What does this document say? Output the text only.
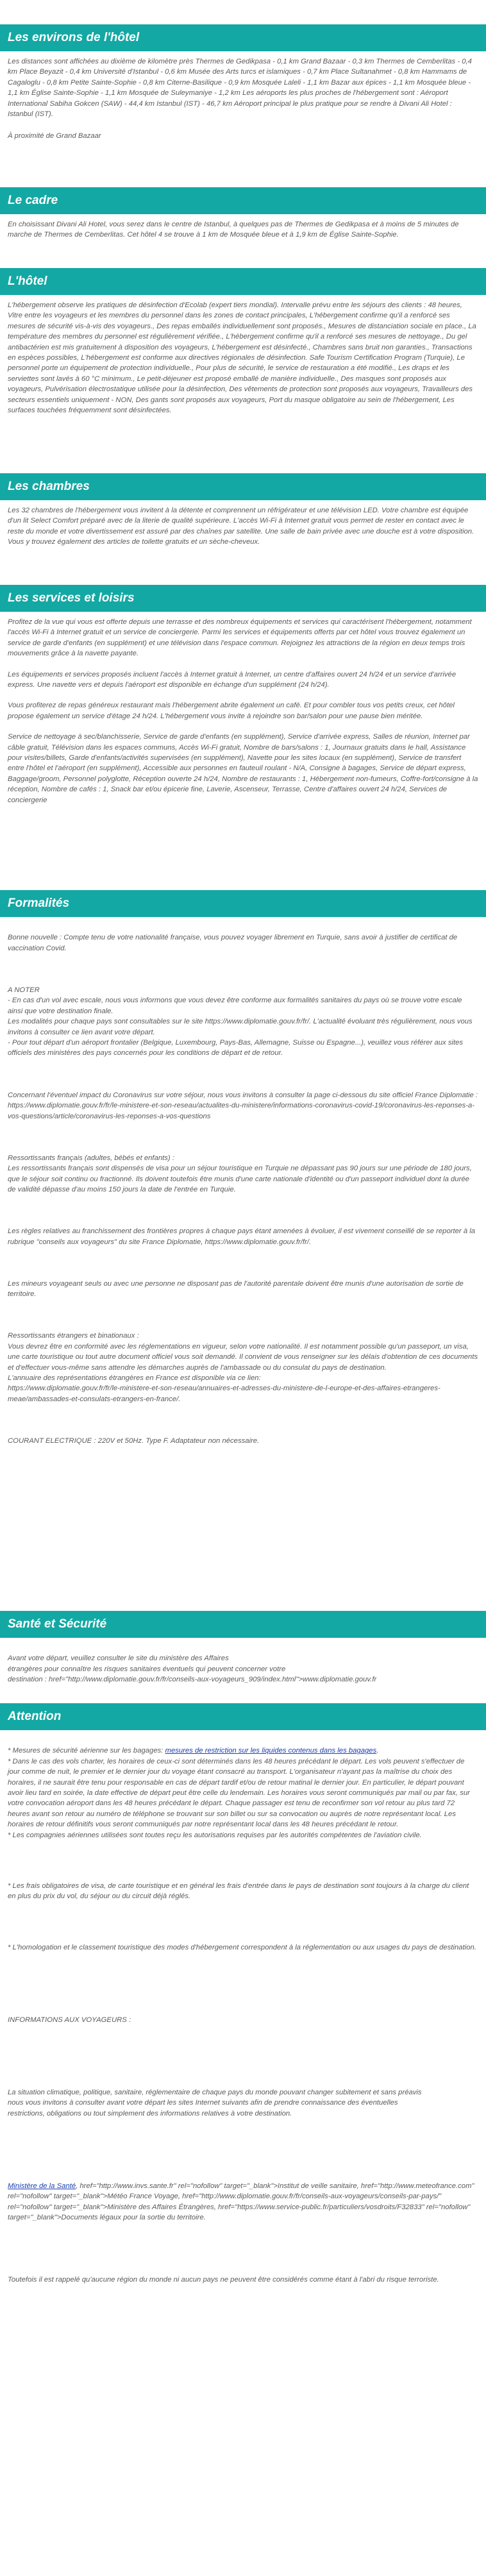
Les environs de l'hôtel

Les distances sont affichées au dixième de kilomètre près Thermes de Gedikpasa - 0,1 km Grand Bazaar - 0,3 km Thermes de Cemberlitas - 0,4 km Place Beyazit - 0,4 km Université d'Istanbul - 0,6 km Musée des Arts turcs et islamiques - 0,7 km Place Sultanahmet - 0,8 km Hammams de Cagaloglu - 0,8 km Petite Sainte-Sophie - 0,8 km Citerne-Basilique - 0,9 km Mosquée Laleli - 1,1 km Bazar aux épices - 1,1 km Mosquée bleue - 1,1 km Église Sainte-Sophie - 1,1 km Mosquée de Suleymaniye - 1,2 km Les aéroports les plus proches de l'hébergement sont : Aéroport International Sabiha Gokcen (SAW) - 44,4 km Istanbul (IST) - 46,7 km Aéroport principal le plus pratique pour se rendre à Divani Ali Hotel : Istanbul (IST).

À proximité de Grand Bazaar

Le cadre

En choisissant Divani Ali Hotel, vous serez dans le centre de Istanbul, à quelques pas de Thermes de Gedikpasa et à moins de 5 minutes de marche de Thermes de Cemberlitas. Cet hôtel 4 se trouve à 1 km de Mosquée bleue et à 1,9 km de Église Sainte-Sophie.

L'hôtel

L'hébergement observe les pratiques de désinfection d'Ecolab (expert tiers mondial). Intervalle prévu entre les séjours des clients : 48 heures, Vitre entre les voyageurs et les membres du personnel dans les zones de contact principales, L'hébergement confirme qu'il a renforcé ses mesures de sécurité vis-à-vis des voyageurs., Des repas emballés individuellement sont proposés., Mesures de distanciation sociale en place., La température des membres du personnel est régulièrement vérifiée., L'hébergement confirme qu'il a renforcé ses mesures de nettoyage., Du gel antibactérien est mis gratuitement à disposition des voyageurs, L'hébergement est désinfecté., Chambres sans bruit non garanties., Transactions en espèces possibles, L'hébergement est conforme aux directives régionales de désinfection. Safe Tourism Certification Program (Turquie), Le personnel porte un équipement de protection individuelle., Pour plus de sécurité, le service de restauration a été modifié., Les draps et les serviettes sont lavés à 60 °C minimum., Le petit-déjeuner est proposé emballé de manière individuelle., Des masques sont proposés aux voyageurs, Pulvérisation électrostatique utilisée pour la désinfection, Des vêtements de protection sont proposés aux voyageurs, Travailleurs des secteurs essentiels uniquement - NON, Des gants sont proposés aux voyageurs, Port du masque obligatoire au sein de l'hébergement, Les surfaces touchées fréquemment sont désinfectées.

Les chambres

Les 32 chambres de l'hébergement vous invitent à la détente et comprennent un réfrigérateur et une télévision LED. Votre chambre est équipée d'un lit Select Comfort préparé avec de la literie de qualité supérieure. L'accès Wi-Fi à Internet gratuit vous permet de rester en contact avec le reste du monde et votre divertissement est assuré par des chaînes par satellite. Une salle de bain privée avec une douche est à votre disposition. Vous y trouvez également des articles de toilette gratuits et un sèche-cheveux.

Les services et loisirs

Profitez de la vue qui vous est offerte depuis une terrasse et des nombreux équipements et services qui caractérisent l'hébergement, notamment l'accès Wi-Fi à Internet gratuit et un service de conciergerie. Parmi les services et équipements offerts par cet hôtel vous trouvez également un service de garde d'enfants (en supplément) et une télévision dans l'espace commun. Rejoignez les attractions de la région en deux temps trois mouvements grâce à la navette payante.

Les équipements et services proposés incluent l'accès à Internet gratuit à Internet, un centre d'affaires ouvert 24 h/24 et un service d'arrivée express. Une navette vers et depuis l'aéroport est disponible en échange d'un supplément (24 h/24).

Vous profiterez de repas généreux restaurant mais l'hébergement abrite également un café. Et pour combler tous vos petits creux, cet hôtel propose également un service d'étage 24 h/24. L'hébergement vous invite à rejoindre son bar/salon pour une pause bien méritée.

Service de nettoyage à sec/blanchisserie, Service de garde d'enfants (en supplément), Service d'arrivée express, Salles de réunion, Internet par câble gratuit, Télévision dans les espaces communs, Accès Wi-Fi gratuit, Nombre de bars/salons : 1, Journaux gratuits dans le hall, Assistance pour visites/billets, Garde d'enfants/activités supervisées (en supplément), Navette pour les sites locaux (en supplément), Service de transfert entre l'hôtel et l'aéroport (en supplément), Accessible aux personnes en fauteuil roulant - N/A, Consigne à bagages, Service de départ express, Baggage/groom, Personnel polyglotte, Réception ouverte 24 h/24, Nombre de restaurants : 1, Hébergement non-fumeurs, Coffre-fort/consigne à la réception, Nombre de cafés : 1, Snack bar et/ou épicerie fine, Laverie, Ascenseur, Terrasse, Centre d'affaires ouvert 24 h/24, Services de conciergerie

Formalités

Bonne nouvelle : Compte tenu de votre nationalité française, vous pouvez voyager librement en Turquie, sans avoir à justifier de certificat de vaccination Covid.

A NOTER
- En cas d'un vol avec escale, nous vous informons que vous devez être conforme aux formalités sanitaires du pays où se trouve votre escale ainsi que votre destination finale.
Les modalités pour chaque pays sont consultables sur le site https://www.diplomatie.gouv.fr/fr/. L'actualité évoluant très régulièrement, nous vous invitons à consulter ce lien avant votre départ.
- Pour tout départ d'un aéroport frontalier (Belgique, Luxembourg, Pays-Bas, Allemagne, Suisse ou Espagne...), veuillez vous référer aux sites officiels des ministères des pays concernés pour les conditions de départ et de retour.

Concernant l'éventuel impact du Coronavirus sur votre séjour, nous vous invitons à consulter la page ci-dessous du site officiel France Diplomatie :
https://www.diplomatie.gouv.fr/fr/le-ministere-et-son-reseau/actualites-du-ministere/informations-coronavirus-covid-19/coronavirus-les-reponses-a-vos-questions/article/coronavirus-les-reponses-a-vos-questions

Ressortissants français (adultes, bébés et enfants) :
Les ressortissants français sont dispensés de visa pour un séjour touristique en Turquie ne dépassant pas 90 jours sur une période de 180 jours, que le séjour soit continu ou fractionné. Ils doivent toutefois être munis d'une carte nationale d'identité ou d'un passeport individuel dont la durée de validité dépasse d'au moins 150 jours la date de l'entrée en Turquie.

Les règles relatives au franchissement des frontières propres à chaque pays étant amenées à évoluer, il est vivement conseillé de se reporter à la rubrique "conseils aux voyageurs" du site France Diplomatie, https://www.diplomatie.gouv.fr/fr/.

Les mineurs voyageant seuls ou avec une personne ne disposant pas de l'autorité parentale doivent être munis d'une autorisation de sortie de territoire.

Ressortissants étrangers et binationaux :
Vous devrez être en conformité avec les réglementations en vigueur, selon votre nationalité. Il est notamment possible qu'un passeport, un visa, une carte touristique ou tout autre document officiel vous soit demandé. Il convient de vous renseigner sur les délais d'obtention de ces documents et d'effectuer vous-même sans attendre les démarches auprès de l'ambassade ou du consulat du pays de destination.
L'annuaire des représentations étrangères en France est disponible via ce lien:
https://www.diplomatie.gouv.fr/fr/le-ministere-et-son-reseau/annuaires-et-adresses-du-ministere-de-l-europe-et-des-affaires-etrangeres-meae/ambassades-et-consulats-etrangers-en-france/.

COURANT ELECTRIQUE : 220V et 50Hz. Type F. Adaptateur non nécessaire.

Santé et Sécurité

Avant votre départ, veuillez consulter le site du ministère des Affaires
étrangères pour connaître les risques sanitaires éventuels qui peuvent concerner votre
destination : href="http://www.diplomatie.gouv.fr/fr/conseils-aux-voyageurs_909/index.html">www.diplomatie.gouv.fr

Attention

* Mesures de sécurité aérienne sur les bagages: mesures de restriction sur les liquides contenus dans les bagages.
* Dans le cas des vols charter, les horaires de ceux-ci sont déterminés dans les 48 heures précédant le départ. Les vols peuvent s'effectuer de jour comme de nuit, le premier et le dernier jour du voyage étant consacré au transport. L'organisateur n'ayant pas la maîtrise du choix des horaires, il ne saurait être tenu pour responsable en cas de départ tardif et/ou de retour matinal le dernier jour. En particulier, le départ pouvant avoir lieu tard en soirée, la date effective de départ peut être celle du lendemain. Les horaires vous seront communiqués par mail ou par fax, sur votre convocation aéroport dans les 48 heures précédant le départ. Chaque passager est tenu de reconfirmer son vol retour au plus tard 72 heures avant son retour au numéro de téléphone se trouvant sur son billet ou sur sa convocation ou auprès de notre représentant local. Les horaires de retour définitifs vous seront communiqués par notre représentant local dans les 48 heures précédant le retour.
* Les compagnies aériennes utilisées sont toutes reçu les autorisations requises par les autorités compétentes de l'aviation civile.

* Les frais obligatoires de visa, de carte touristique et en général les frais d'entrée dans le pays de destination sont toujours à la charge du client en plus du prix du vol, du séjour ou du circuit déjà réglés.

* L'homologation et le classement touristique des modes d'hébergement correspondent à la réglementation ou aux usages du pays de destination.

INFORMATIONS AUX VOYAGEURS :

La situation climatique, politique, sanitaire, réglementaire de chaque pays du monde pouvant changer subitement et sans préavis
nous vous invitons à consulter avant votre départ les sites Internet suivants afin de prendre connaissance des éventuelles
restrictions, obligations ou tout simplement des informations relatives à votre destination.

Ministère de la Santé, href="http://www.invs.sante.fr" rel="nofollow" target="_blank">Institut de veille sanitaire, href="http://www.meteofrance.com" rel="nofollow" target="_blank">Météo France Voyage, href="http://www.diplomatie.gouv.fr/fr/conseils-aux-voyageurs/conseils-par-pays/" rel="nofollow" target="_blank">Ministère des Affaires Étrangères, href="https://www.service-public.fr/particuliers/vosdroits/F32833" rel="nofollow" target="_blank">Documents légaux pour la sortie du territoire.

Toutefois il est rappelé qu'aucune région du monde ni aucun pays ne peuvent être considérés comme étant à l'abri du risque terroriste.
